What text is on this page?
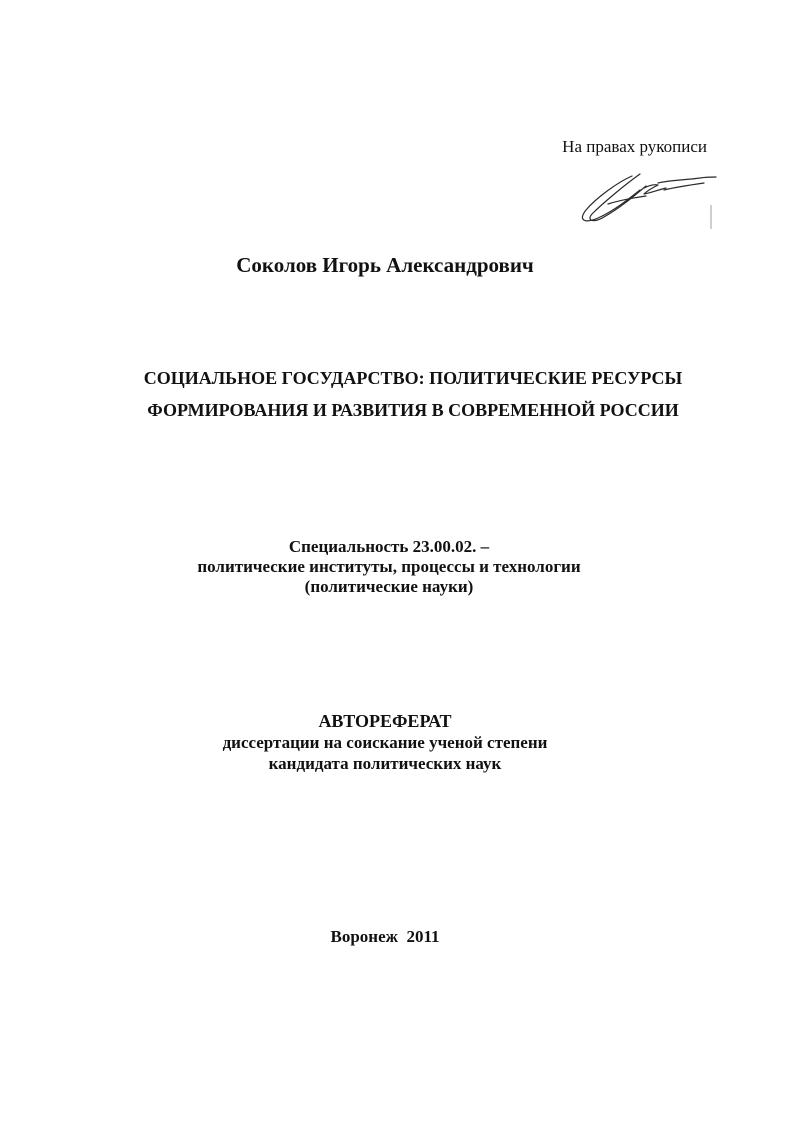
На правах рукописи
Соколов Игорь Александрович
СОЦИАЛЬНОЕ ГОСУДАРСТВО: ПОЛИТИЧЕСКИЕ РЕСУРСЫ
ФОРМИРОВАНИЯ И РАЗВИТИЯ В СОВРЕМЕННОЙ РОССИИ
Специальность 23.00.02. –
политические институты, процессы и технологии
(политические науки)
АВТОРЕФЕРАТ
диссертации на соискание ученой степени
кандидата политических наук
Воронеж  2011
